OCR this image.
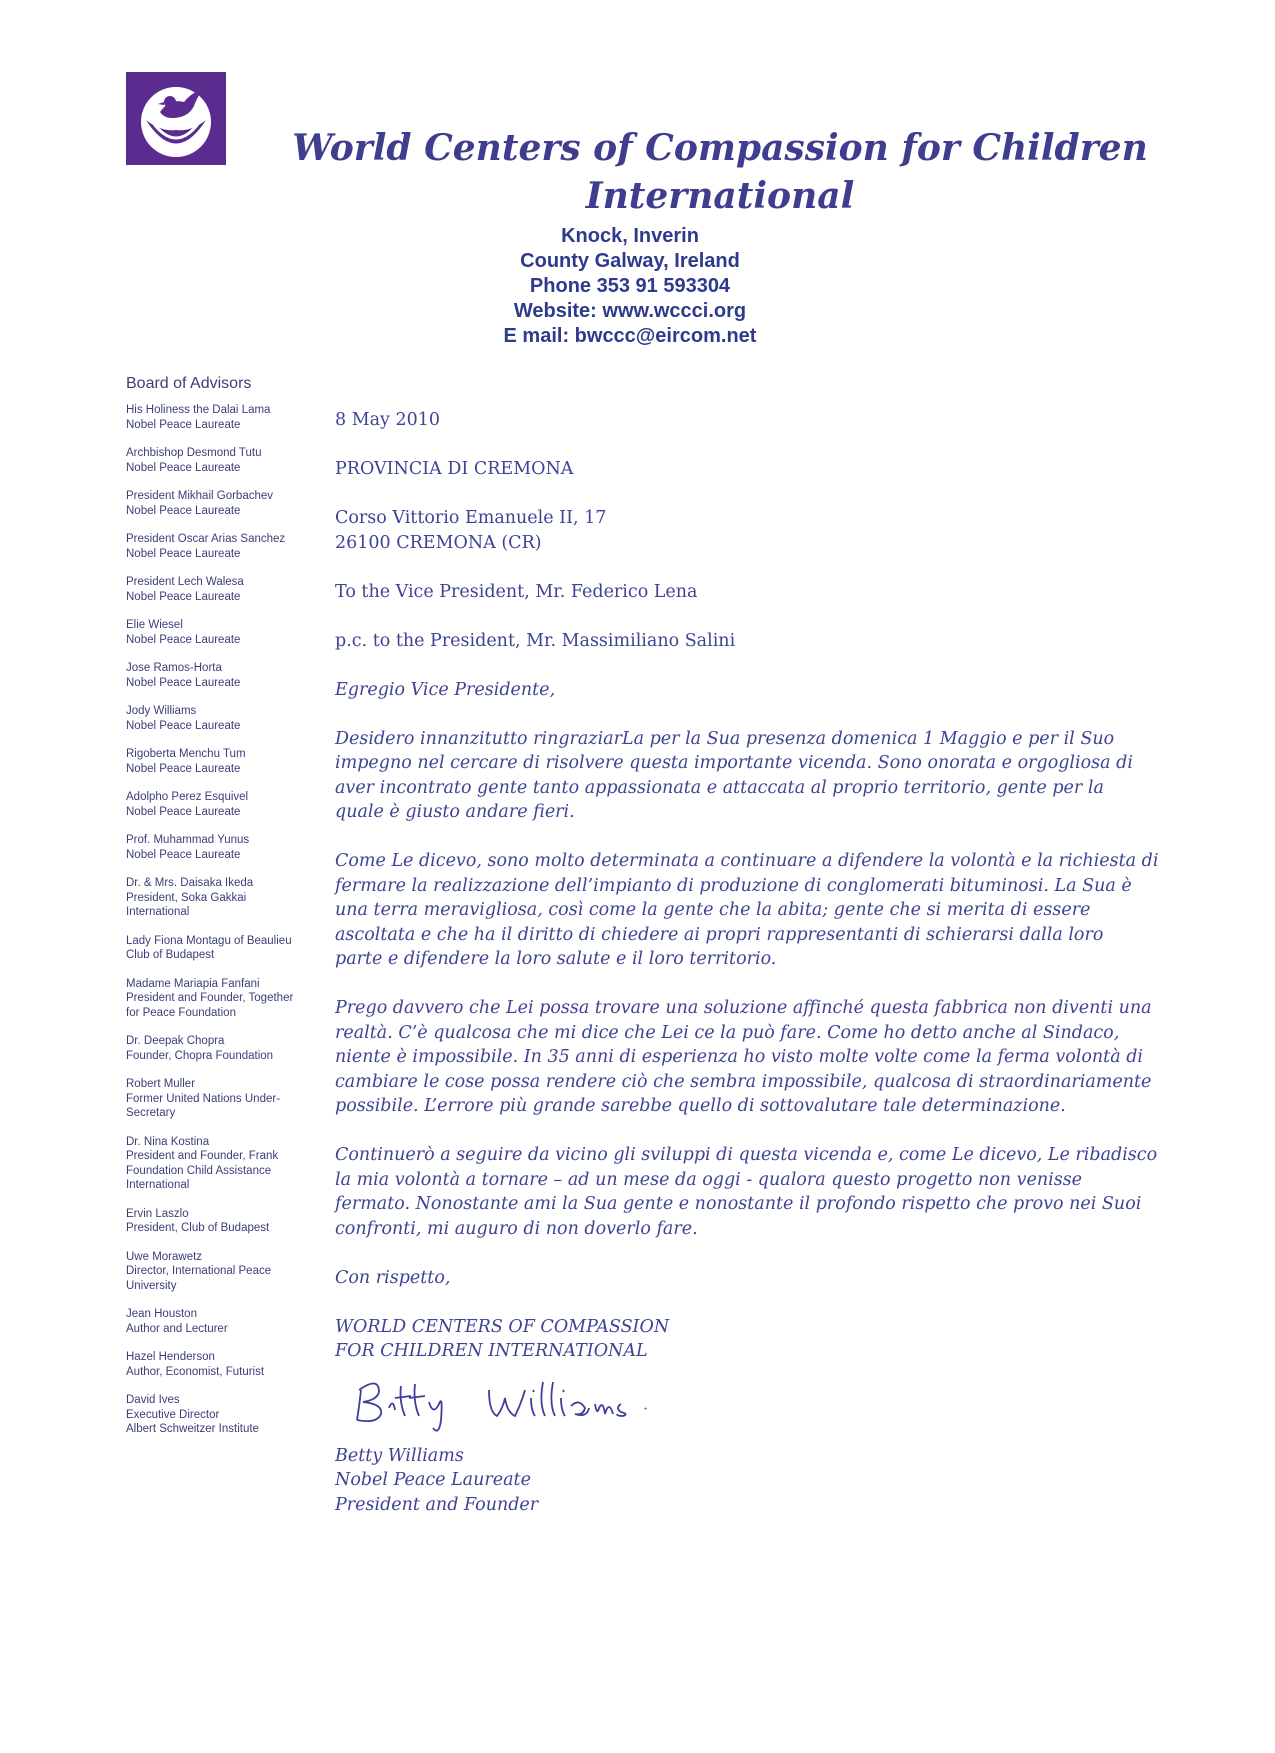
World Centers of Compassion for Children
International
Knock, Inverin
County Galway, Ireland
Phone 353 91 593304
Website: www.wccci.org
E mail: bwccc@eircom.net
Board of Advisors
His Holiness the Dalai Lama
Nobel Peace Laureate
Archbishop Desmond Tutu
Nobel Peace Laureate
President Mikhail Gorbachev
Nobel Peace Laureate
President Oscar Arias Sanchez
Nobel Peace Laureate
President Lech Walesa
Nobel Peace Laureate
Elie Wiesel
Nobel Peace Laureate
Jose Ramos-Horta
Nobel Peace Laureate
Jody Williams
Nobel Peace Laureate
Rigoberta Menchu Tum
Nobel Peace Laureate
Adolpho Perez Esquivel
Nobel Peace Laureate
Prof. Muhammad Yunus
Nobel Peace Laureate
Dr. & Mrs. Daisaka Ikeda
President, Soka Gakkai
International
Lady Fiona Montagu of Beaulieu
Club of Budapest
Madame Mariapia Fanfani
President and Founder, Together
for Peace Foundation
Dr. Deepak Chopra
Founder, Chopra Foundation
Robert Muller
Former United Nations Under-
Secretary
Dr. Nina Kostina
President and Founder, Frank
Foundation Child Assistance
International
Ervin Laszlo
President, Club of Budapest
Uwe Morawetz
Director, International Peace
University
Jean Houston
Author and Lecturer
Hazel Henderson
Author, Economist, Futurist
David Ives
Executive Director
Albert Schweitzer Institute

8 May 2010

PROVINCIA DI CREMONA

Corso Vittorio Emanuele II, 17
26100 CREMONA (CR)

To the Vice President, Mr. Federico Lena

p.c. to the President, Mr. Massimiliano Salini

Egregio Vice Presidente,

Desidero innanzitutto ringraziarLa per la Sua presenza domenica 1 Maggio e per il Suo
impegno nel cercare di risolvere questa importante vicenda. Sono onorata e orgogliosa di
aver incontrato gente tanto appassionata e attaccata al proprio territorio, gente per la
quale è giusto andare fieri.

Come Le dicevo, sono molto determinata a continuare a difendere la volontà e la richiesta di
fermare la realizzazione dell’impianto di produzione di conglomerati bituminosi. La Sua è
una terra meravigliosa, così come la gente che la abita; gente che si merita di essere
ascoltata e che ha il diritto di chiedere ai propri rappresentanti di schierarsi dalla loro
parte e difendere la loro salute e il loro territorio.

Prego davvero che Lei possa trovare una soluzione affinché questa fabbrica non diventi una
realtà. C’è qualcosa che mi dice che Lei ce la può fare. Come ho detto anche al Sindaco,
niente è impossibile. In 35 anni di esperienza ho visto molte volte come la ferma volontà di
cambiare le cose possa rendere ciò che sembra impossibile, qualcosa di straordinariamente
possibile. L’errore più grande sarebbe quello di sottovalutare tale determinazione.

Continuerò a seguire da vicino gli sviluppi di questa vicenda e, come Le dicevo, Le ribadisco
la mia volontà a tornare – ad un mese da oggi - qualora questo progetto non venisse
fermato. Nonostante ami la Sua gente e nonostante il profondo rispetto che provo nei Suoi
confronti, mi auguro di non doverlo fare.

Con rispetto,

WORLD CENTERS OF COMPASSION
FOR CHILDREN INTERNATIONAL

Betty Williams
Nobel Peace Laureate
President and Founder
